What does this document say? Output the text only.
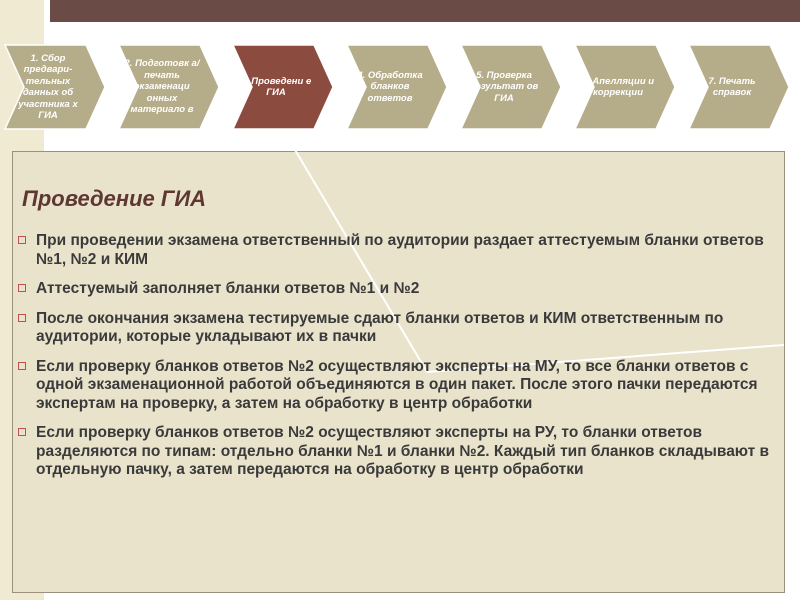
1. Сбор предвари-тельных данных об участника х ГИА
2. Подготовк а/ печать экзаменаци онных материало в
3. Проведени е ГИА
4. Обработка бланков ответов
5. Проверка результат ов ГИА
6. Апелляции и коррекции
7. Печать справок
Проведение ГИА
При проведении экзамена ответственный по аудитории раздает аттестуемым бланки ответов №1, №2 и КИМ
Аттестуемый заполняет бланки ответов №1 и №2
После окончания экзамена тестируемые сдают бланки ответов и КИМ ответственным по аудитории, которые укладывают их в пачки
Если проверку бланков ответов №2 осуществляют эксперты на МУ, то все бланки ответов с одной экзаменационной работой объединяются в один пакет. После этого пачки передаются экспертам на проверку, а затем на обработку в центр обработки
Если проверку бланков ответов №2 осуществляют эксперты на РУ, то бланки ответов разделяются по типам: отдельно бланки №1 и бланки №2. Каждый тип бланков складывают в отдельную пачку, а затем передаются на обработку в центр обработки
